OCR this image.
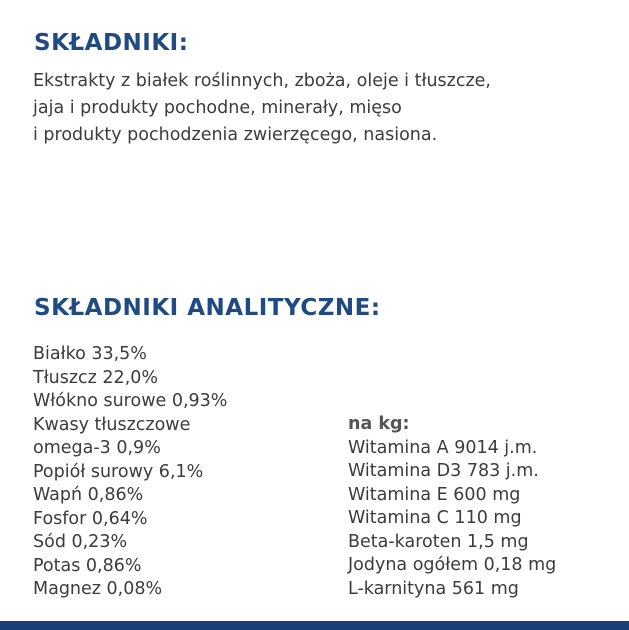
SKŁADNIKI:
Ekstrakty z białek roślinnych, zboża, oleje i tłuszcze,
jaja i produkty pochodne, minerały, mięso
i produkty pochodzenia zwierzęcego, nasiona.
SKŁADNIKI ANALITYCZNE:
Białko 33,5%
Tłuszcz 22,0%
Włókno surowe 0,93%
Kwasy tłuszczowe
omega-3 0,9%
Popiół surowy 6,1%
Wapń 0,86%
Fosfor 0,64%
Sód 0,23%
Potas 0,86%
Magnez 0,08%
na kg:
Witamina A 9014 j.m.
Witamina D3 783 j.m.
Witamina E 600 mg
Witamina C 110 mg
Beta-karoten 1,5 mg
Jodyna ogółem 0,18 mg
L-karnityna 561 mg
